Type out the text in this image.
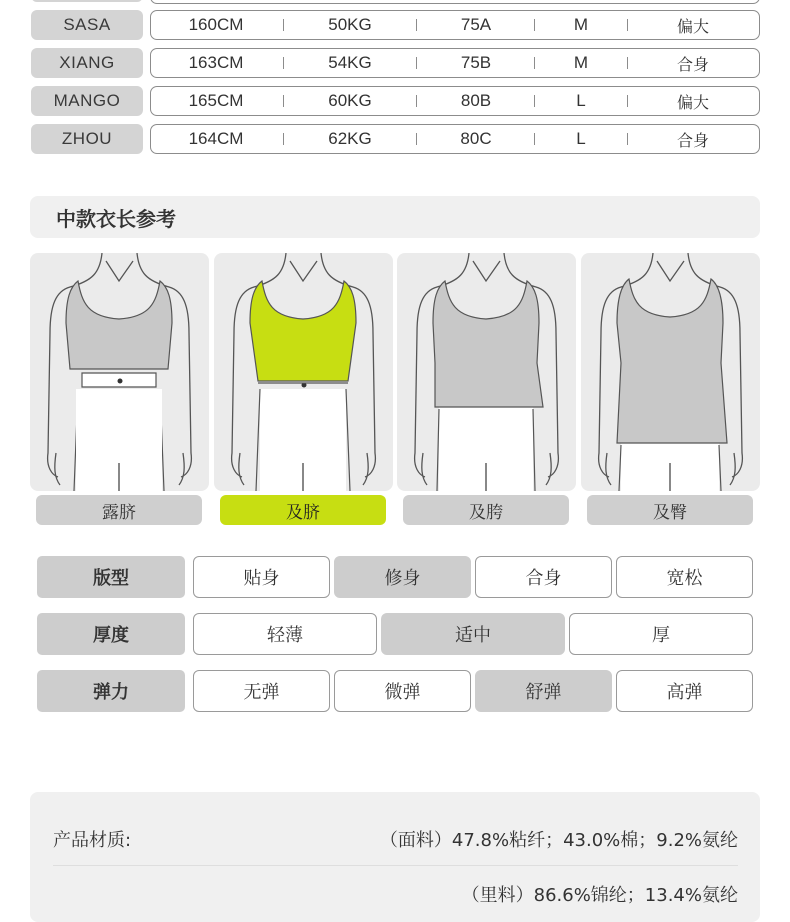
SASA	160CM	50KG	75A	M	偏大
XIANG	163CM	54KG	75B	M	合身
MANGO	165CM	60KG	80B	L	偏大
ZHOU	164CM	62KG	80C	L	合身
中款衣长参考
露脐	及脐	及胯	及臀
版型	贴身	修身	合身	宽松
厚度	轻薄	适中	厚
弹力	无弹	微弹	舒弹	高弹
产品材质:	（面料）47.8%粘纤；43.0%棉；9.2%氨纶
（里料）86.6%锦纶；13.4%氨纶
